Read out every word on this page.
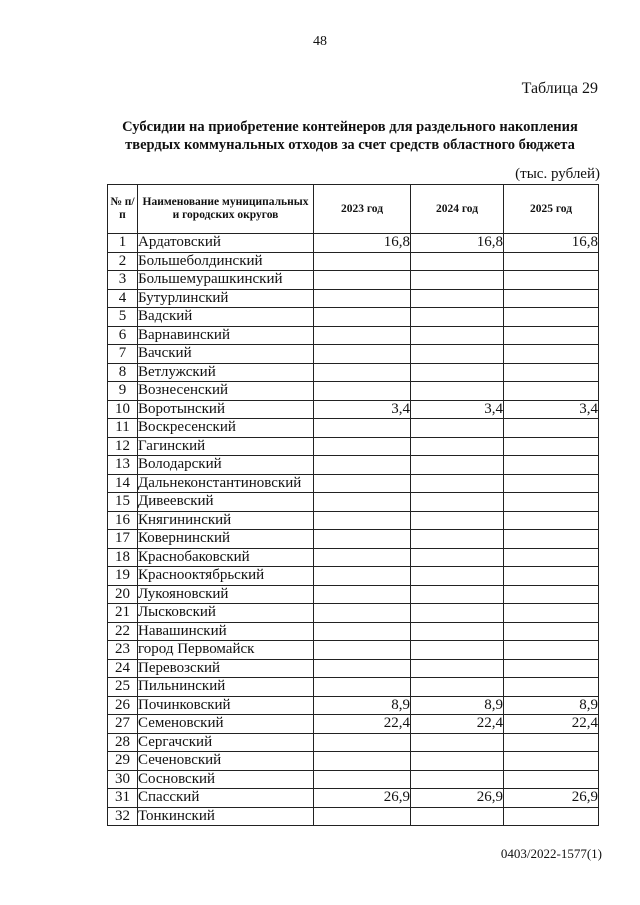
48
Таблица 29
Субсидии на приобретение контейнеров для раздельного накопления
твердых коммунальных отходов за счет средств областного бюджета
(тыс. рублей)
№ п/п	Наименование муниципальных и городских округов	2023 год	2024 год	2025 год
1	Ардатовский	16,8	16,8	16,8
2	Большеболдинский			
3	Большемурашкинский			
4	Бутурлинский			
5	Вадский			
6	Варнавинский			
7	Вачский			
8	Ветлужский			
9	Вознесенский			
10	Воротынский	3,4	3,4	3,4
11	Воскресенский			
12	Гагинский			
13	Володарский			
14	Дальнеконстантиновский			
15	Дивеевский			
16	Княгининский			
17	Ковернинский			
18	Краснобаковский			
19	Краснооктябрьский			
20	Лукояновский			
21	Лысковский			
22	Навашинский			
23	город Первомайск			
24	Перевозский			
25	Пильнинский			
26	Починковский	8,9	8,9	8,9
27	Семеновский	22,4	22,4	22,4
28	Сергачский			
29	Сеченовский			
30	Сосновский			
31	Спасский	26,9	26,9	26,9
32	Тонкинский			
0403/2022-1577(1)
